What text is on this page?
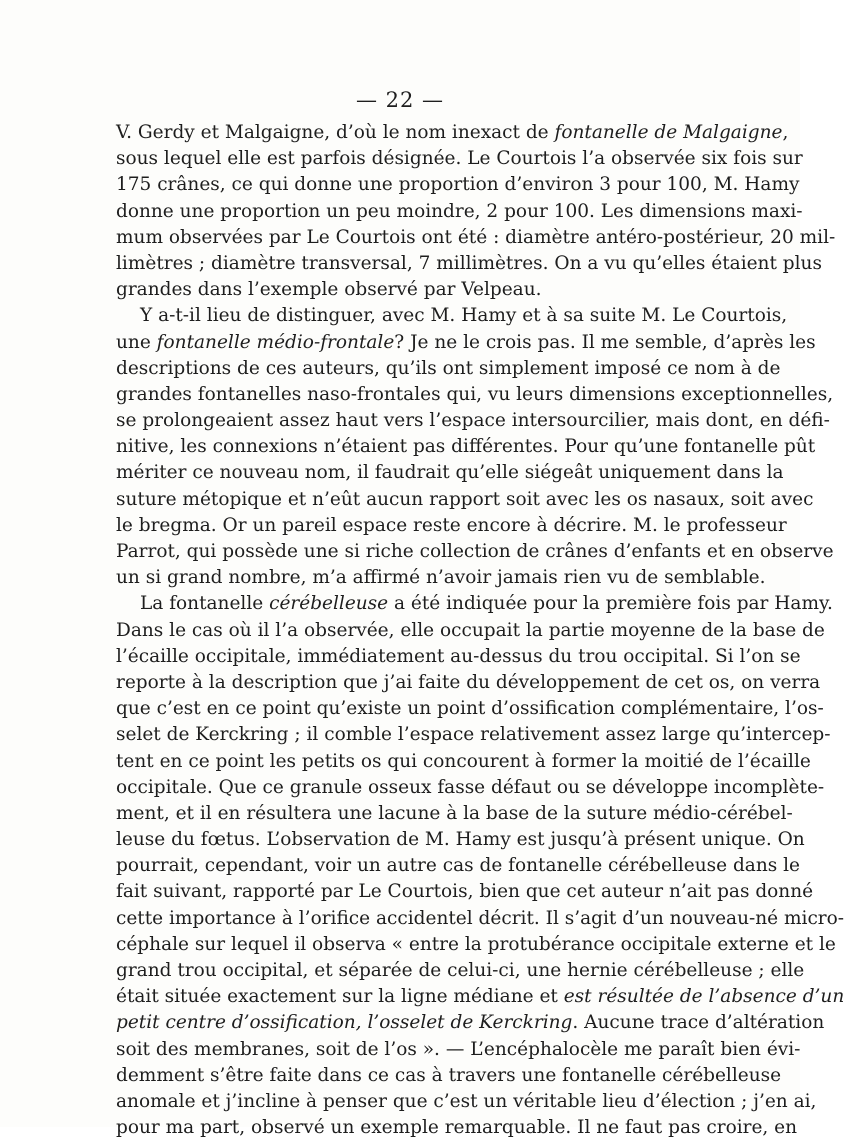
— 22 —
V. Gerdy et Malgaigne, d’où le nom inexact de fontanelle de Malgaigne,
sous lequel elle est parfois désignée. Le Courtois l’a observée six fois sur
175 crânes, ce qui donne une proportion d’environ 3 pour 100, M. Hamy
donne une proportion un peu moindre, 2 pour 100. Les dimensions maxi-
mum observées par Le Courtois ont été : diamètre antéro-postérieur, 20 mil-
limètres ; diamètre transversal, 7 millimètres. On a vu qu’elles étaient plus
grandes dans l’exemple observé par Velpeau.
Y a-t-il lieu de distinguer, avec M. Hamy et à sa suite M. Le Courtois,
une fontanelle médio-frontale? Je ne le crois pas. Il me semble, d’après les
descriptions de ces auteurs, qu’ils ont simplement imposé ce nom à de
grandes fontanelles naso-frontales qui, vu leurs dimensions exceptionnelles,
se prolongeaient assez haut vers l’espace intersourcilier, mais dont, en défi-
nitive, les connexions n’étaient pas différentes. Pour qu’une fontanelle pût
mériter ce nouveau nom, il faudrait qu’elle siégeât uniquement dans la
suture métopique et n’eût aucun rapport soit avec les os nasaux, soit avec
le bregma. Or un pareil espace reste encore à décrire. M. le professeur
Parrot, qui possède une si riche collection de crânes d’enfants et en observe
un si grand nombre, m’a affirmé n’avoir jamais rien vu de semblable.
La fontanelle cérébelleuse a été indiquée pour la première fois par Hamy.
Dans le cas où il l’a observée, elle occupait la partie moyenne de la base de
l’écaille occipitale, immédiatement au-dessus du trou occipital. Si l’on se
reporte à la description que j’ai faite du développement de cet os, on verra
que c’est en ce point qu’existe un point d’ossification complémentaire, l’os-
selet de Kerckring ; il comble l’espace relativement assez large qu’intercep-
tent en ce point les petits os qui concourent à former la moitié de l’écaille
occipitale. Que ce granule osseux fasse défaut ou se développe incomplète-
ment, et il en résultera une lacune à la base de la suture médio-cérébel-
leuse du fœtus. L’observation de M. Hamy est jusqu’à présent unique. On
pourrait, cependant, voir un autre cas de fontanelle cérébelleuse dans le
fait suivant, rapporté par Le Courtois, bien que cet auteur n’ait pas donné
cette importance à l’orifice accidentel décrit. Il s’agit d’un nouveau-né micro-
céphale sur lequel il observa « entre la protubérance occipitale externe et le
grand trou occipital, et séparée de celui-ci, une hernie cérébelleuse ; elle
était située exactement sur la ligne médiane et est résultée de l’absence d’un
petit centre d’ossification, l’osselet de Kerckring. Aucune trace d’altération
soit des membranes, soit de l’os ». — L’encéphalocèle me paraît bien évi-
demment s’être faite dans ce cas à travers une fontanelle cérébelleuse
anomale et j’incline à penser que c’est un véritable lieu d’élection ; j’en ai,
pour ma part, observé un exemple remarquable. Il ne faut pas croire, en
